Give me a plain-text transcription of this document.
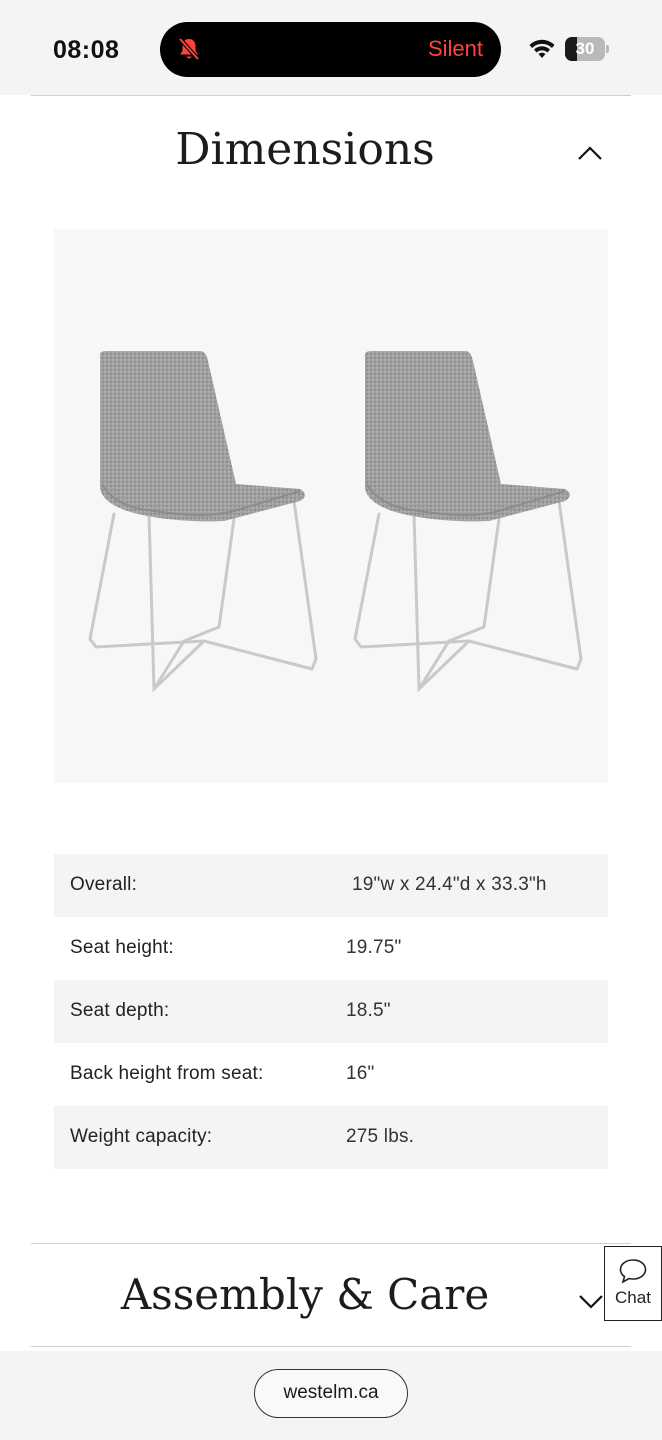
08:08	Silent	30
Dimensions
Overall:	19"w x 24.4"d x 33.3"h
Seat height:	19.75"
Seat depth:	18.5"
Back height from seat:	16"
Weight capacity:	275 lbs.
Assembly & Care	Chat
westelm.ca
